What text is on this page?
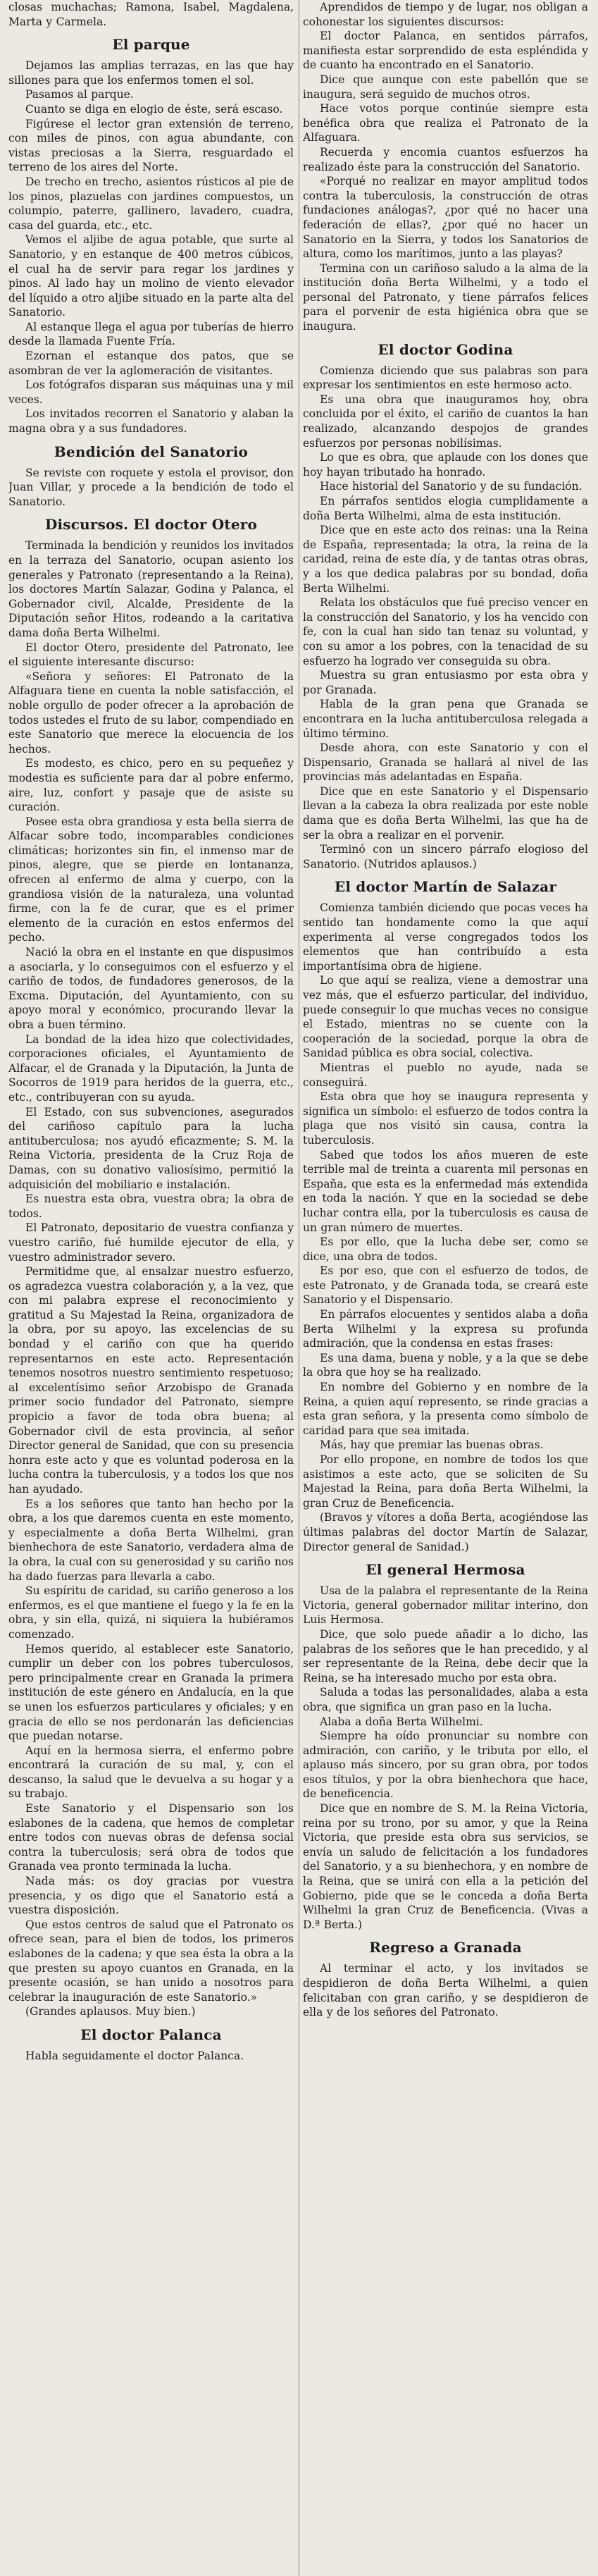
closas muchachas; Ramona, Isabel, Magdalena, Marta y Carmela.

El parque

Dejamos las amplias terrazas, en las que hay sillones para que los enfermos tomen el sol.

Pasamos al parque.

Cuanto se diga en elogio de éste, será escaso.

Figúrese el lector gran extensión de terreno, con miles de pinos, con agua abundante, con vistas preciosas a la Sierra, resguardado el terreno de los aires del Norte.

De trecho en trecho, asientos rústicos al pie de los pinos, plazuelas con jardines compuestos, un columpio, paterre, gallinero, lavadero, cuadra, casa del guarda, etc., etc.

Vemos el aljibe de agua potable, que surte al Sanatorio, y en estanque de 400 metros cúbicos, el cual ha de servir para regar los jardines y pinos. Al lado hay un molino de viento elevador del líquido a otro aljibe situado en la parte alta del Sanatorio.

Al estanque llega el agua por tuberías de hierro desde la llamada Fuente Fría.

Ezornan el estanque dos patos, que se asombran de ver la aglomeración de visitantes.

Los fotógrafos disparan sus máquinas una y mil veces.

Los invitados recorren el Sanatorio y alaban la magna obra y a sus fundadores.

Bendición del Sanatorio

Se reviste con roquete y estola el provisor, don Juan Villar, y procede a la bendición de todo el Sanatorio.

Discursos. El doctor Otero

Terminada la bendición y reunidos los invitados en la terraza del Sanatorio, ocupan asiento los generales y Patronato (representando a la Reina), los doctores Martín Salazar, Godina y Palanca, el Gobernador civil, Alcalde, Presidente de la Diputación señor Hitos, rodeando a la caritativa dama doña Berta Wilhelmi.

El doctor Otero, presidente del Patronato, lee el siguiente interesante discurso:

«Señora y señores: El Patronato de la Alfaguara tiene en cuenta la noble satisfacción, el noble orgullo de poder ofrecer a la aprobación de todos ustedes el fruto de su labor, compendiado en este Sanatorio que merece la elocuencia de los hechos.

Es modesto, es chico, pero en su pequeñez y modestia es suficiente para dar al pobre enfermo, aire, luz, confort y pasaje que de asiste su curación.

Posee esta obra grandiosa y esta bella sierra de Alfacar sobre todo, incomparables condiciones climáticas; horizontes sin fin, el inmenso mar de pinos, alegre, que se pierde en lontananza, ofrecen al enfermo de alma y cuerpo, con la grandiosa visión de la naturaleza, una voluntad firme, con la fe de curar, que es el primer elemento de la curación en estos enfermos del pecho.

Nació la obra en el instante en que dispusimos a asociarla, y lo conseguimos con el esfuerzo y el cariño de todos, de fundadores generosos, de la Excma. Diputación, del Ayuntamiento, con su apoyo moral y económico, procurando llevar la obra a buen término.

La bondad de la idea hizo que colectividades, corporaciones oficiales, el Ayuntamiento de Alfacar, el de Granada y la Diputación, la Junta de Socorros de 1919 para heridos de la guerra, etc., etc., contribuyeran con su ayuda.

El Estado, con sus subvenciones, asegurados del cariñoso capítulo para la lucha antituberculosa; nos ayudó eficazmente; S. M. la Reina Victoria, presidenta de la Cruz Roja de Damas, con su donativo valiosísimo, permitió la adquisición del mobiliario e instalación.

Es nuestra esta obra, vuestra obra; la obra de todos.

El Patronato, depositario de vuestra confianza y vuestro cariño, fué humilde ejecutor de ella, y vuestro administrador severo.

Permitidme que, al ensalzar nuestro esfuerzo, os agradezca vuestra colaboración y, a la vez, que con mi palabra exprese el reconocimiento y gratitud a Su Majestad la Reina, organizadora de la obra, por su apoyo, las excelencias de su bondad y el cariño con que ha querido representarnos en este acto. Representación tenemos nosotros nuestro sentimiento respetuoso; al excelentísimo señor Arzobispo de Granada primer socio fundador del Patronato, siempre propicio a favor de toda obra buena; al Gobernador civil de esta provincia, al señor Director general de Sanidad, que con su presencia honra este acto y que es voluntad poderosa en la lucha contra la tuberculosis, y a todos los que nos han ayudado.

Es a los señores que tanto han hecho por la obra, a los que daremos cuenta en este momento, y especialmente a doña Berta Wilhelmi, gran bienhechora de este Sanatorio, verdadera alma de la obra, la cual con su generosidad y su cariño nos ha dado fuerzas para llevarla a cabo.

Su espíritu de caridad, su cariño generoso a los enfermos, es el que mantiene el fuego y la fe en la obra, y sin ella, quizá, ni siquiera la hubiéramos comenzado.

Hemos querido, al establecer este Sanatorio, cumplir un deber con los pobres tuberculosos, pero principalmente crear en Granada la primera institución de este género en Andalucía, en la que se unen los esfuerzos particulares y oficiales; y en gracia de ello se nos perdonarán las deficiencias que puedan notarse.

Aquí en la hermosa sierra, el enfermo pobre encontrará la curación de su mal, y, con el descanso, la salud que le devuelva a su hogar y a su trabajo.

Este Sanatorio y el Dispensario son los eslabones de la cadena, que hemos de completar entre todos con nuevas obras de defensa social contra la tuberculosis; será obra de todos que Granada vea pronto terminada la lucha.

Nada más: os doy gracias por vuestra presencia, y os digo que el Sanatorio está a vuestra disposición.

Que estos centros de salud que el Patronato os ofrece sean, para el bien de todos, los primeros eslabones de la cadena; y que sea ésta la obra a la que presten su apoyo cuantos en Granada, en la presente ocasión, se han unido a nosotros para celebrar la inauguración de este Sanatorio.»

(Grandes aplausos. Muy bien.)

El doctor Palanca

Habla seguidamente el doctor Palanca.

Aprendidos de tiempo y de lugar, nos obligan a cohonestar los siguientes discursos:

El doctor Palanca, en sentidos párrafos, manifiesta estar sorprendido de esta espléndida y de cuanto ha encontrado en el Sanatorio.

Dice que aunque con este pabellón que se inaugura, será seguido de muchos otros.

Hace votos porque continúe siempre esta benéfica obra que realiza el Patronato de la Alfaguara.

Recuerda y encomia cuantos esfuerzos ha realizado éste para la construcción del Sanatorio.

«Porqué no realizar en mayor amplitud todos contra la tuberculosis, la construcción de otras fundaciones análogas?, ¿por qué no hacer una federación de ellas?, ¿por qué no hacer un Sanatorio en la Sierra, y todos los Sanatorios de altura, como los marítimos, junto a las playas?

Termina con un cariñoso saludo a la alma de la institución doña Berta Wilhelmi, y a todo el personal del Patronato, y tiene párrafos felices para el porvenir de esta higiénica obra que se inaugura.

El doctor Godina

Comienza diciendo que sus palabras son para expresar los sentimientos en este hermoso acto.

Es una obra que inauguramos hoy, obra concluida por el éxito, el cariño de cuantos la han realizado, alcanzando despojos de grandes esfuerzos por personas nobilísimas.

Lo que es obra, que aplaude con los dones que hoy hayan tributado ha honrado.

Hace historial del Sanatorio y de su fundación.

En párrafos sentidos elogia cumplidamente a doña Berta Wilhelmi, alma de esta institución.

Dice que en este acto dos reinas: una la Reina de España, representada; la otra, la reina de la caridad, reina de este día, y de tantas otras obras, y a los que dedica palabras por su bondad, doña Berta Wilhelmi.

Relata los obstáculos que fué preciso vencer en la construcción del Sanatorio, y los ha vencido con fe, con la cual han sido tan tenaz su voluntad, y con su amor a los pobres, con la tenacidad de su esfuerzo ha logrado ver conseguida su obra.

Muestra su gran entusiasmo por esta obra y por Granada.

Habla de la gran pena que Granada se encontrara en la lucha antituberculosa relegada a último término.

Desde ahora, con este Sanatorio y con el Dispensario, Granada se hallará al nivel de las provincias más adelantadas en España.

Dice que en este Sanatorio y el Dispensario llevan a la cabeza la obra realizada por este noble dama que es doña Berta Wilhelmi, las que ha de ser la obra a realizar en el porvenir.

Terminó con un sincero párrafo elogioso del Sanatorio. (Nutridos aplausos.)

El doctor Martín de Salazar

Comienza también diciendo que pocas veces ha sentido tan hondamente como la que aquí experimenta al verse congregados todos los elementos que han contribuído a esta importantísima obra de higiene.

Lo que aquí se realiza, viene a demostrar una vez más, que el esfuerzo particular, del individuo, puede conseguir lo que muchas veces no consigue el Estado, mientras no se cuente con la cooperación de la sociedad, porque la obra de Sanidad pública es obra social, colectiva.

Mientras el pueblo no ayude, nada se conseguirá.

Esta obra que hoy se inaugura representa y significa un símbolo: el esfuerzo de todos contra la plaga que nos visitó sin causa, contra la tuberculosis.

Sabed que todos los años mueren de este terrible mal de treinta a cuarenta mil personas en España, que esta es la enfermedad más extendida en toda la nación. Y que en la sociedad se debe luchar contra ella, por la tuberculosis es causa de un gran número de muertes.

Es por ello, que la lucha debe ser, como se dice, una obra de todos.

Es por eso, que con el esfuerzo de todos, de este Patronato, y de Granada toda, se creará este Sanatorio y el Dispensario.

En párrafos elocuentes y sentidos alaba a doña Berta Wilhelmi y la expresa su profunda admiración, que la condensa en estas frases:

Es una dama, buena y noble, y a la que se debe la obra que hoy se ha realizado.

En nombre del Gobierno y en nombre de la Reina, a quien aquí represento, se rinde gracias a esta gran señora, y la presenta como símbolo de caridad para que sea imitada.

Más, hay que premiar las buenas obras.

Por ello propone, en nombre de todos los que asistimos a este acto, que se soliciten de Su Majestad la Reina, para doña Berta Wilhelmi, la gran Cruz de Beneficencia.

(Bravos y vítores a doña Berta, acogiéndose las últimas palabras del doctor Martín de Salazar, Director general de Sanidad.)

El general Hermosa

Usa de la palabra el representante de la Reina Victoria, general gobernador militar interino, don Luis Hermosa.

Dice, que solo puede añadir a lo dicho, las palabras de los señores que le han precedido, y al ser representante de la Reina, debe decir que la Reina, se ha interesado mucho por esta obra.

Saluda a todas las personalidades, alaba a esta obra, que significa un gran paso en la lucha.

Alaba a doña Berta Wilhelmi.

Siempre ha oído pronunciar su nombre con admiración, con cariño, y le tributa por ello, el aplauso más sincero, por su gran obra, por todos esos títulos, y por la obra bienhechora que hace, de beneficencia.

Dice que en nombre de S. M. la Reina Victoria, reina por su trono, por su amor, y que la Reina Victoria, que preside esta obra sus servicios, se envía un saludo de felicitación a los fundadores del Sanatorio, y a su bienhechora, y en nombre de la Reina, que se unirá con ella a la petición del Gobierno, pide que se le conceda a doña Berta Wilhelmi la gran Cruz de Beneficencia. (Vivas a D.ª Berta.)

Regreso a Granada

Al terminar el acto, y los invitados se despidieron de doña Berta Wilhelmi, a quien felicitaban con gran cariño, y se despidieron de ella y de los señores del Patronato.
